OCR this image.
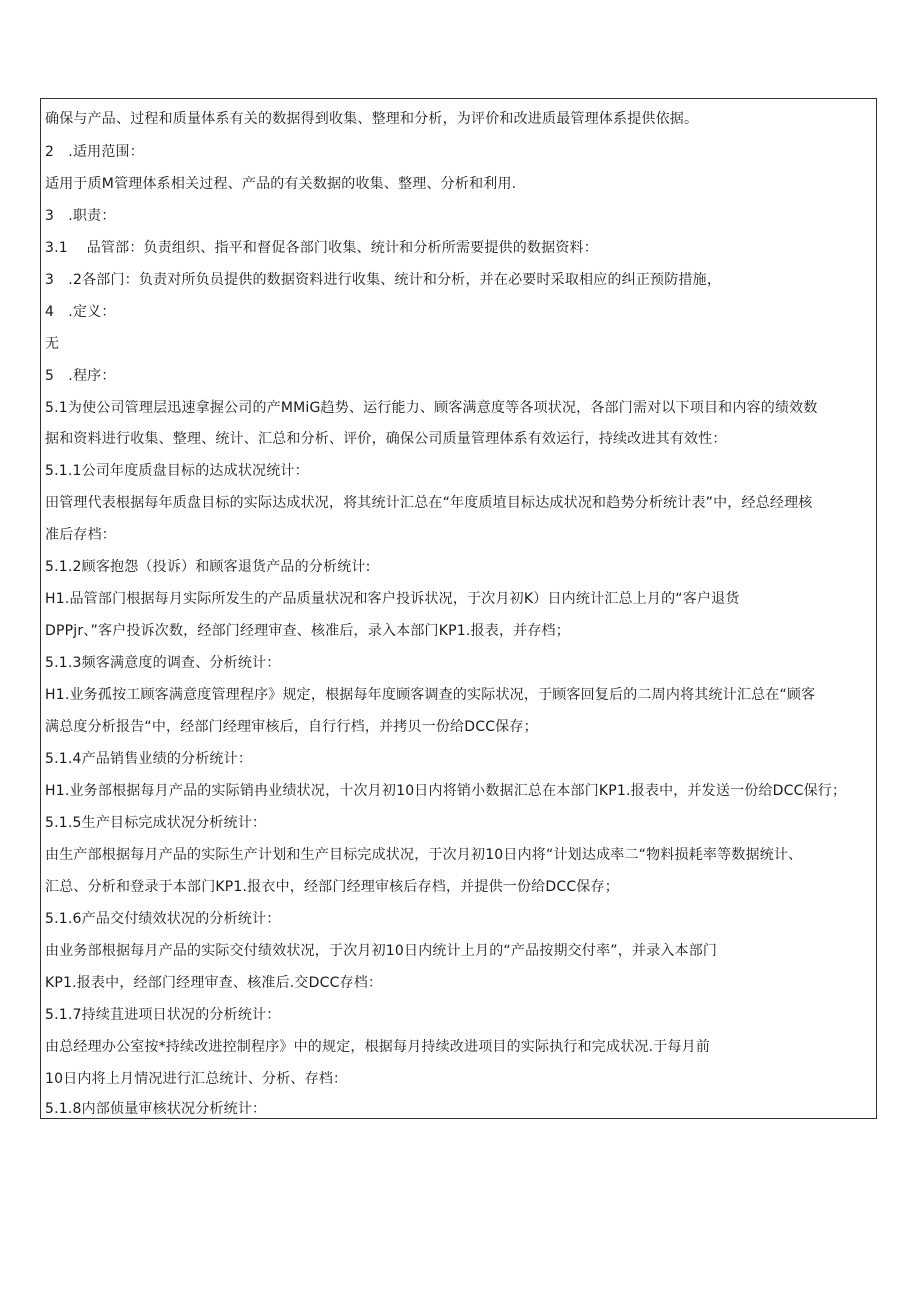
确保与产品、过程和质量体系有关的数据得到收集、整理和分析，为评价和改进质最管理体系提供依据。
2　.适用范围：
适用于质M管理体系相关过程、产品的有关数据的收集、整理、分析和利用.
3　.职责：
3.1　 品管部：负责组织、指平和督促各部门收集、统计和分析所需要提供的数据资料：
3　.2各部门：负责对所负员提供的数据资料进行收集、统计和分析，并在必要时采取相应的纠正预防措施，
4　.定义：
无
5　.程序：
5.1为使公司管理层迅速拿握公司的产MMiG趋势、运行能力、顾客满意度等各项状况，各部门需对以下项目和内容的绩效数
据和资料进行收集、整理、统计、汇总和分析、评价，确保公司质量管理体系有效运行，持续改进其有效性：
5.1.1公司年度质盘目标的达成状况统计：
田管理代表根据每年质盘目标的实际达成状况，将其统计汇总在“年度质埴目标达成状况和趋势分析统计表”中，经总经理核
准后存档：
5.1.2顾客抱怨（投诉）和顾客退货产品的分析统计:
H1.品管部门根据每月实际所发生的产品质量状况和客户投诉状况，于次月初K）日内统计汇总上月的“客户退货
DPPjr、”客户投诉次数，经部门经理审查、核准后，录入本部门KP1.报表，并存档；
5.1.3频客满意度的调查、分析统计：
H1.业务孤按工顾客满意度管理程序》规定，根据每年度顾客调查的实际状况，于顾客回复后的二周内将其统计汇总在“顾客
满总度分析报告“中，经部门经理审核后，自行行档，并拷贝一份给DCC保存；
5.1.4产品销售业绩的分析统计：
H1.业务部根据每月产品的实际销冉业绩状况，十次月初10日内将销小数据汇总在本部门KP1.报表中，并发送一份给DCC保行；
5.1.5生产目标完成状况分析统计：
由生产部根据每月产品的实际生产计划和生产目标完成状况，于次月初10日内将“计划达成率二“物料损耗率等数据统计、
汇总、分析和登录于本部门KP1.报衣中，经部门经理审核后存档，并提供一份给DCC保存；
5.1.6产品交付绩效状况的分析统计：
由业务部根据每月产品的实际交付绩效状况，于次月初10日内统计上月的“产品按期交付率”，并录入本部门
KP1.报表中，经部门经理审查、核准后.交DCC存档：
5.1.7持续苴进项日状况的分析统计：
由总经理办公室按*持续改进控制程序》中的规定，根据每月持续改进项目的实际执行和完成状况.于每月前
10日内将上月情况进行汇总统计、分析、存档：
5.1.8内部侦量审核状况分析统计：
